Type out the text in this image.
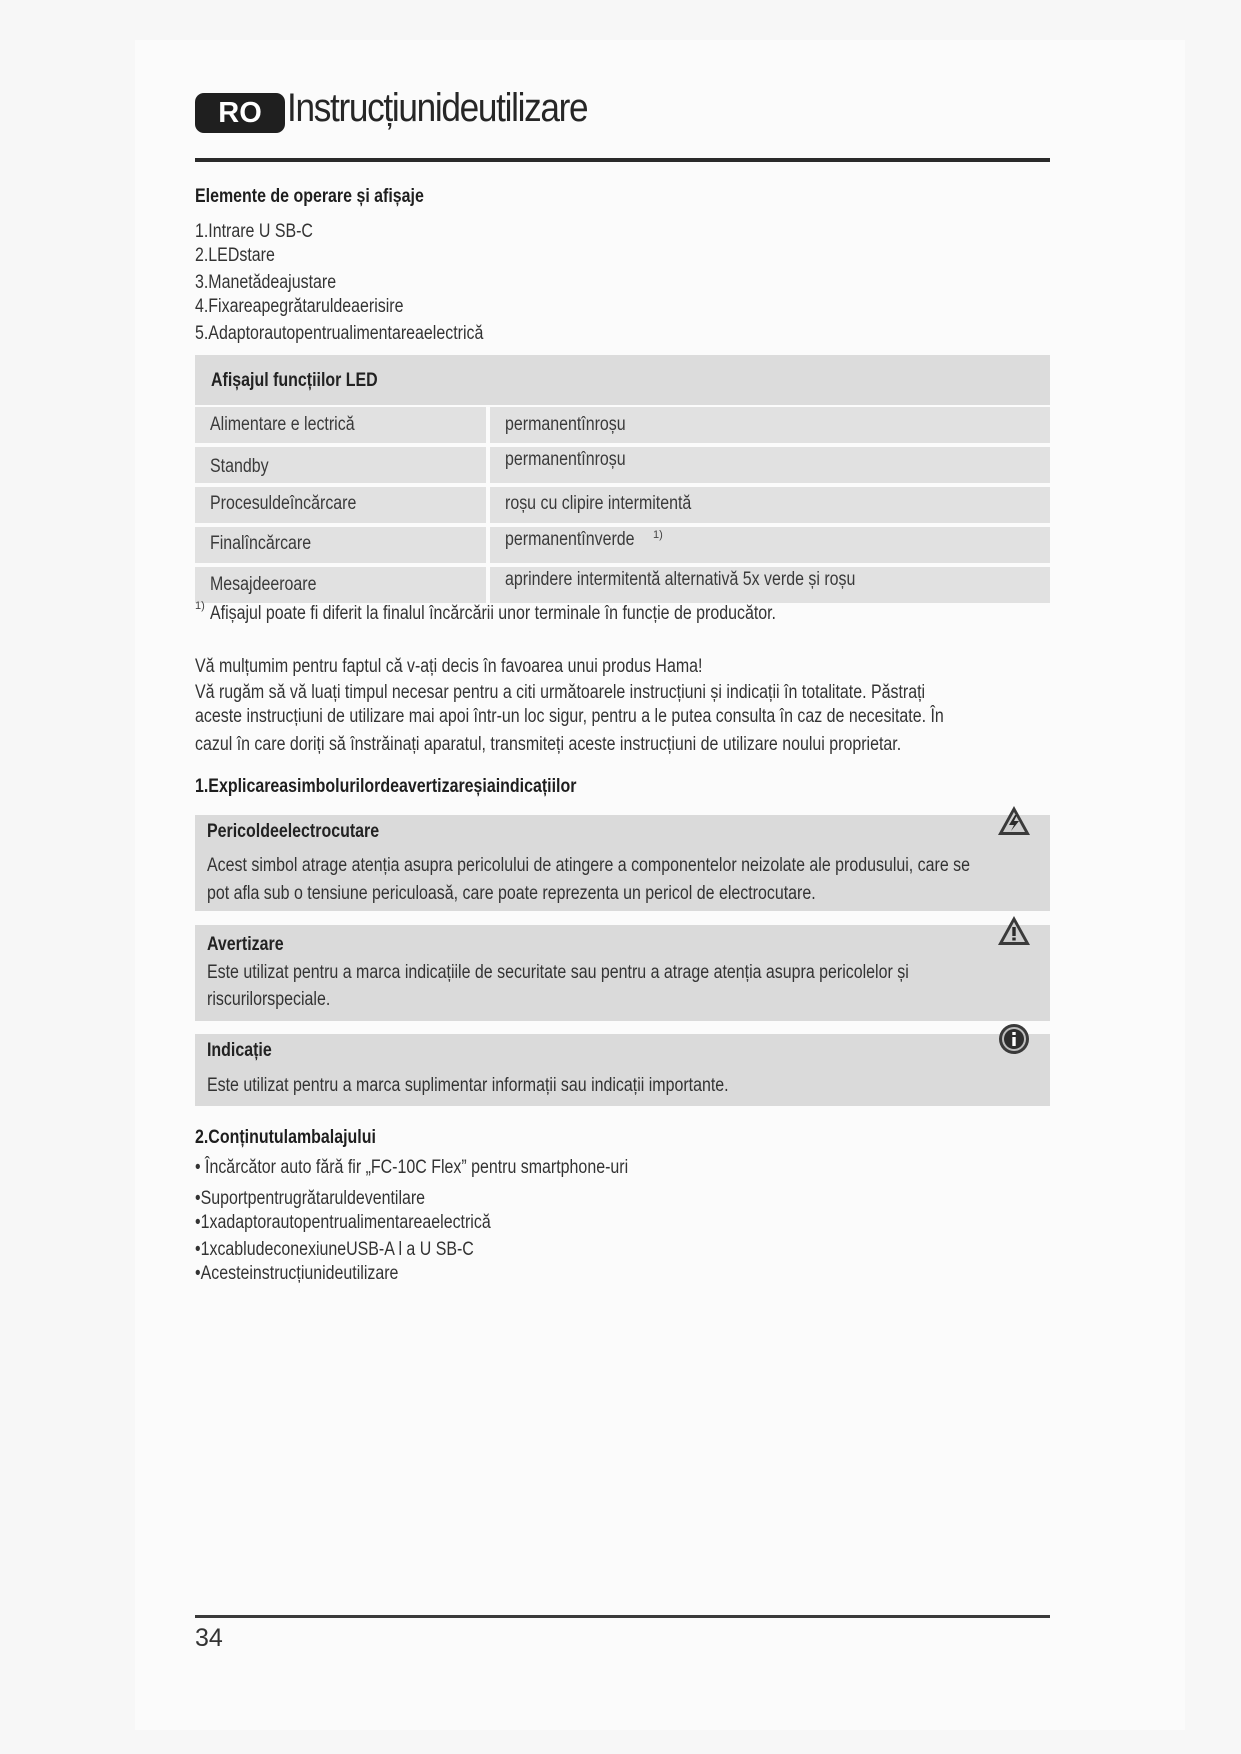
RO Instrucțiunideutilizare
Elemente de operare și afișaje
1.Intrare U SB-C
2.LEDstare
3.Manetădeajustare
4.Fixareapegrătaruldeaerisire
5.Adaptorautopentrualimentareaelectrică
Afișajul funcțiilor LED
Alimentare e lectrică	permanentînroșu
Standby	permanentînroșu
Procesuldeîncărcare	roșu cu clipire intermitentă
Finalîncărcare	permanentînverde 1)
Mesajdeeroare	aprindere intermitentă alternativă 5x verde și roșu
1) Afișajul poate fi diferit la finalul încărcării unor terminale în funcție de producător.
Vă mulțumim pentru faptul că v-ați decis în favoarea unui produs Hama!
Vă rugăm să vă luați timpul necesar pentru a citi următoarele instrucțiuni și indicații în totalitate. Păstrați
aceste instrucțiuni de utilizare mai apoi într-un loc sigur, pentru a le putea consulta în caz de necesitate. În
cazul în care doriți să înstrăinați aparatul, transmiteți aceste instrucțiuni de utilizare noului proprietar.
1.Explicareasimbolurilordeavertizareșiaindicațiilor
Pericoldeelectrocutare
Acest simbol atrage atenția asupra pericolului de atingere a componentelor neizolate ale produsului, care se
pot afla sub o tensiune periculoasă, care poate reprezenta un pericol de electrocutare.
Avertizare
Este utilizat pentru a marca indicațiile de securitate sau pentru a atrage atenția asupra pericolelor și
riscurilorspeciale.
Indicație
Este utilizat pentru a marca suplimentar informații sau indicații importante.
2.Conținutulambalajului
• Încărcător auto fără fir „FC-10C Flex” pentru smartphone-uri
•Suportpentrugrătaruldeventilare
•1xadaptorautopentrualimentareaelectrică
•1xcabludeconexiuneUSB-A l a U SB-C
•Acesteinstrucțiunideutilizare
34
